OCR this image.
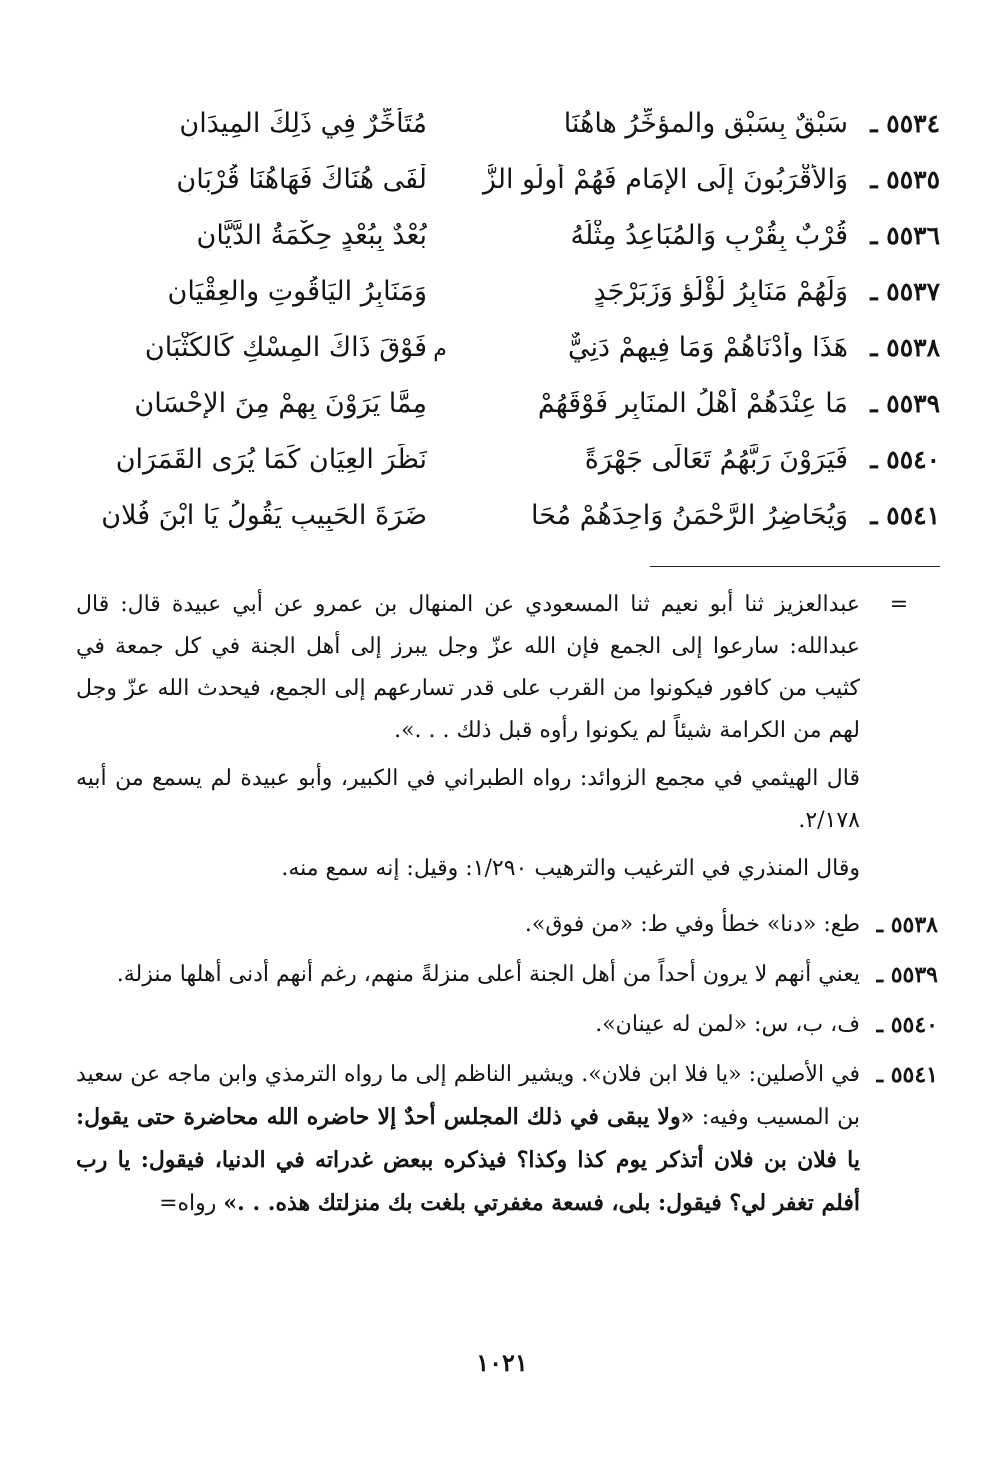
٥٥٣٤ ـ
سَبْقٌ بِسَبْقٍ والمؤخِّرُ هاهُنَا
مُتَأخِّرٌ فِي ذَلِكَ المِيدَانِ
٥٥٣٥ ـ
وَالأقْرَبُونَ إلَى الإمَامِ فَهُمْ أولُو الزُّ
لْفَى هُنَاكَ فَهَاهُنَا قُرْبَانِ
٥٥٣٦ ـ
قُرْبٌ بِقُرْبٍ وَالمُبَاعِدُ مِثْلُهُ
بُعْدٌ بِبُعْدٍ حِكْمَةُ الدَّيَّانِ
٥٥٣٧ ـ
وَلَهُمْ مَنَابِرُ لُؤْلُؤٍ وَزَبَرْجَدٍ
وَمَنَابِرُ اليَاقُوتِ والعِقْيَانِ
٥٥٣٨ ـ
هَذَا وأدْنَاهُمْ وَمَا فِيهِمْ دَنِيٌّ
م
فَوْقَ ذَاكَ المِسْكِ كَالكُثْبَانِ
٥٥٣٩ ـ
مَا عِنْدَهُمْ أهْلُ المنَابِرِ فَوْقَهُمْ
مِمَّا يَرَوْنَ بِهِمْ مِنَ الإحْسَانِ
٥٥٤٠ ـ
فَيَرَوْنَ رَبَّهُمُ تَعَالَى جَهْرَةً
نَظَرَ العِيَانِ كَمَا يُرَى القَمَرَانِ
٥٥٤١ ـ
وَيُحَاضِرُ الرَّحْمَنُ وَاحِدَهُمْ مُحَا
ضَرَةَ الحَبِيبِ يَقُولُ يَا ابْنَ فُلانِ
=

عبدالعزيز ثنا أبو نعيم ثنا المسعودي عن المنهال بن عمرو عن أبي عبيدة قال: قال عبدالله: سارعوا إلى الجمع فإن الله عزّ وجل يبرز إلى أهل الجنة في كل جمعة في كثيب من كافور فيكونوا من القرب على قدر تسارعهم إلى الجمع، فيحدث الله عزّ وجل لهم من الكرامة شيئاً لم يكونوا رأوه قبل ذلك . . .».

قال الهيثمي في مجمع الزوائد: رواه الطبراني في الكبير، وأبو عبيدة لم يسمع من أبيه ٢/١٧٨.

وقال المنذري في الترغيب والترهيب ١/٢٩٠: وقيل: إنه سمع منه.

٥٥٣٨ ـ
طع: «دنا» خطأ وفي ط: «من فوق».
٥٥٣٩ ـ
يعني أنهم لا يرون أحداً من أهل الجنة أعلى منزلةً منهم، رغم أنهم أدنى أهلها منزلة.
٥٥٤٠ ـ
ف، ب، س: «لمن له عينان».
٥٥٤١ ـ
في الأصلين: «يا فلا ابن فلان». ويشير الناظم إلى ما رواه الترمذي وابن ماجه عن سعيد بن المسيب وفيه: «ولا يبقى في ذلك المجلس أحدٌ إلا حاضره الله محاضرة حتى يقول: يا فلان بن فلان أتذكر يوم كذا وكذا؟ فيذكره ببعض غدراته في الدنيا، فيقول: يا رب أفلم تغفر لي؟ فيقول: بلى، فسعة مغفرتي بلغت بك منزلتك هذه. . .» رواه=
١٠٢١
